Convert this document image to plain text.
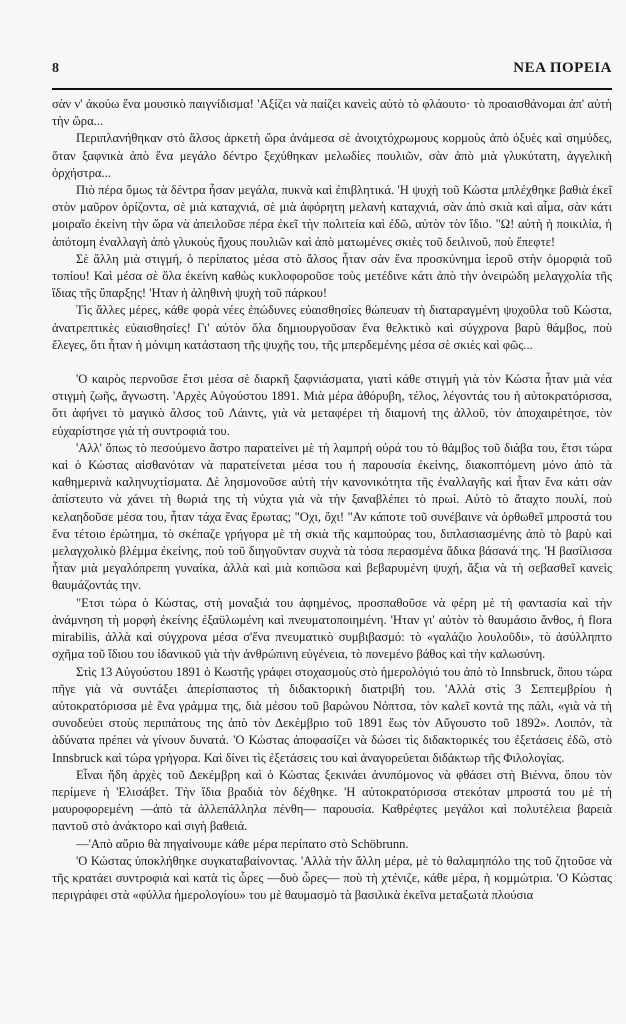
8	ΝΕΑ ΠΟΡΕΙΑ

σὰν ν' ἀκούω ἕνα μουσικὸ παιγνίδισμα! 'Αξίζει νὰ παίζει κανεὶς αὐτὸ τὸ φλάουτο· τὸ προαισθάνομαι ἀπ' αὐτὴ τὴν ὥρα...

Περιπλανήθηκαν στὸ ἄλσος ἀρκετὴ ὥρα ἀνάμεσα σὲ ἀνοιχτόχρωμους κορμοὺς ἀπὸ ὀξυὲς καὶ σημύδες, ὅταν ξαφνικὰ ἀπὸ ἕνα μεγάλο δέντρο ξεχύθηκαν μελωδίες πουλιῶν, σὰν ἀπὸ μιὰ γλυκύτατη, ἀγγελικὴ ὀρχήστρα...

Πιὸ πέρα ὅμως τὰ δέντρα ἦσαν μεγάλα, πυκνὰ καὶ ἐπιβλητικά. 'Η ψυχὴ τοῦ Κώστα μπλέχθηκε βαθιὰ ἐκεῖ στὸν μαῦρον ὁρίζοντα, σὲ μιὰ καταχνιά, σὲ μιὰ ἀφόρητη μελανὴ καταχνιά, σὰν ἀπὸ σκιὰ καὶ αἷμα, σὰν κάτι μοιραῖο ἐκείνη τὴν ὥρα νὰ ἀπειλοῦσε πέρα ἐκεῖ τὴν πολιτεία καὶ ἐδῶ, αὐτὸν τὸν ἴδιο. "Ω! αὐτὴ ἡ ποικιλία, ἡ ἀπότομη ἐναλλαγὴ ἀπὸ γλυκοὺς ἤχους πουλιῶν καὶ ἀπὸ ματωμένες σκιὲς τοῦ δειλινοῦ, ποὺ ἔπεφτε!

Σὲ ἄλλη μιὰ στιγμή, ὁ περίπατος μέσα στὸ ἄλσος ἦταν σὰν ἕνα προσκύνημα ἱεροῦ στὴν ὀμορφιὰ τοῦ τοπίου! Καὶ μέσα σὲ ὅλα ἐκείνη καθὼς κυκλοφοροῦσε τοὺς μετέδινε κάτι ἀπὸ τὴν ὀνειρώδη μελαγχολία τῆς ἴδιας τῆς ὕπαρξης! 'Ηταν ἡ ἀληθινὴ ψυχὴ τοῦ πάρκου!

Τὶς ἄλλες μέρες, κάθε φορὰ νέες ἐπώδυνες εὐαισθησίες θώπευαν τὴ διαταραγμένη ψυχοῦλα τοῦ Κώστα, ἀνατρεπτικὲς εὐαισθησίες! Γι' αὐτὸν ὅλα δημιουργοῦσαν ἕνα θελκτικὸ καὶ σύγχρονα βαρὺ θάμβος, ποὺ ἔλεγες, ὅτι ἦταν ἡ μόνιμη κατάσταση τῆς ψυχῆς του, τῆς μπερδεμένης μέσα σὲ σκιὲς καὶ φῶς...

'Ο καιρὸς περνοῦσε ἔτσι μέσα σὲ διαρκῆ ξαφνιάσματα, γιατὶ κάθε στιγμὴ γιὰ τὸν Κώστα ἦταν μιὰ νέα στιγμὴ ζωῆς, ἄγνωστη. 'Αρχὲς Αὐγούστου 1891. Μιὰ μέρα ἀθόρυβη, τέλος, λέγοντάς του ἡ αὐτοκρατόρισσα, ὅτι ἀφήνει τὸ μαγικὸ ἄλσος τοῦ Λάιντς, γιὰ νὰ μεταφέρει τὴ διαμονή της ἀλλοῦ, τὸν ἀποχαιρέτησε, τὸν εὐχαρίστησε γιὰ τὴ συντροφιά του.

'Αλλ' ὅπως τὸ πεσούμενο ἄστρο παρατείνει μὲ τὴ λαμπρὴ οὐρά του τὸ θάμβος τοῦ διάβα του, ἔτσι τώρα καὶ ὁ Κώστας αἰσθανόταν νὰ παρατείνεται μέσα του ἡ παρουσία ἐκείνης, διακοπτόμενη μόνο ἀπὸ τὰ καθημερινὰ καληνυχτίσματα. Δὲ λησμονοῦσε αὐτὴ τὴν κανονικότητα τῆς ἐναλλαγῆς καὶ ἦταν ἕνα κάτι σὰν ἀπίστευτο νὰ χάνει τὴ θωριά της τὴ νύχτα γιὰ νὰ τὴν ξαναβλέπει τὸ πρωί. Αὐτὸ τὸ ἄταχτο πουλί, ποὺ κελαηδοῦσε μέσα του, ἦταν τάχα ἕνας ἔρωτας; "Οχι, ὄχι! "Αν κάποτε τοῦ συνέβαινε νὰ ὀρθωθεῖ μπροστά του ἕνα τέτοιο ἐρώτημα, τὸ σκέπαζε γρήγορα μὲ τὴ σκιὰ τῆς καμπούρας του, διπλασιασμένης ἀπὸ τὸ βαρὺ καὶ μελαγχολικὸ βλέμμα ἐκείνης, ποὺ τοῦ διηγοῦνταν συχνὰ τὰ τόσα περασμένα ἄδικα βάσανά της. 'Η βασίλισσα ἦταν μιὰ μεγαλόπρεπη γυναίκα, ἀλλὰ καὶ μιὰ κοπιῶσα καὶ βεβαρυμένη ψυχή, ἄξια νὰ τὴ σεβασθεῖ κανεὶς θαυμάζοντάς την.

"Ετσι τώρα ὁ Κώστας, στὴ μοναξιά του ἀφημένος, προσπαθοῦσε νὰ φέρη μὲ τὴ φαντασία καὶ τὴν ἀνάμνηση τὴ μορφὴ ἐκείνης ἐξαϋλωμένη καὶ πνευματοποιημένη. 'Ηταν γι' αὐτὸν τὸ θαυμάσιο ἄνθος, ἡ flora mirabilis, ἀλλὰ καὶ σύγχρονα μέσα σ'ἕνα πνευματικὸ συμβιβασμό: τὸ «γαλάζιο λουλοῦδι», τὸ ἀσύλληπτο σχῆμα τοῦ ἴδιου του ἰδανικοῦ γιὰ τὴν ἀνθρώπινη εὐγένεια, τὸ πονεμένο βάθος καὶ τὴν καλωσύνη.

Στὶς 13 Αὐγούστου 1891 ὁ Κωστῆς γράφει στοχασμοὺς στὸ ἡμερολόγιό του ἀπὸ τὸ Innsbruck, ὅπου τώρα πῆγε γιὰ νὰ συντάξει ἀπερίσπαστος τὴ διδακτορικὴ διατριβή του. 'Αλλὰ στὶς 3 Σεπτεμβρίου ἡ αὐτοκρατόρισσα μὲ ἕνα γράμμα της, διὰ μέσου τοῦ βαρώνου Νόπτσα, τὸν καλεῖ κοντά της πάλι, «γιὰ νὰ τὴ συνοδεύει στοὺς περιπάτους της ἀπὸ τὸν Δεκέμβριο τοῦ 1891 ἕως τὸν Αὔγουστο τοῦ 1892». Λοιπόν, τὰ ἀδύνατα πρέπει νὰ γίνουν δυνατά. 'Ο Κώστας ἀποφασίζει νὰ δώσει τὶς διδακτορικές του ἐξετάσεις ἐδῶ, στὸ Innsbruck καὶ τώρα γρήγορα. Καὶ δίνει τὶς ἐξετάσεις του καὶ ἀναγορεύεται διδάκτωρ τῆς Φιλολογίας.

Εἶναι ἤδη ἀρχὲς τοῦ Δεκέμβρη καὶ ὁ Κώστας ξεκινάει ἀνυπόμονος νὰ φθάσει στὴ Βιέννα, ὅπου τὸν περίμενε ἡ 'Ελισάβετ. Τὴν ἴδια βραδιὰ τὸν δέχθηκε. 'Η αὐτοκρατόρισσα στεκόταν μπροστά του μὲ τὴ μαυροφορεμένη —ἀπὸ τὰ ἀλλεπάλληλα πένθη— παρουσία. Καθρέφτες μεγάλοι καὶ πολυτέλεια βαρειὰ παντοῦ στὸ ἀνάκτορο καὶ σιγὴ βαθειά.

—'Απὸ αὔριο θὰ πηγαίνουμε κάθε μέρα περίπατο στὸ Schöbrunn.

'Ο Κώστας ὑποκλήθηκε συγκαταβαίνοντας. 'Αλλὰ τὴν ἄλλη μέρα, μὲ τὸ θαλαμηπόλο της τοῦ ζητοῦσε νὰ τῆς κρατάει συντροφιὰ καὶ κατὰ τὶς ὧρες —δυὸ ὧρες— ποὺ τὴ χτένιζε, κάθε μέρα, ἡ κομμώτρια. 'Ο Κώστας περιγράφει στὰ «φύλλα ἡμερολογίου» του μὲ θαυμασμὸ τὰ βασιλικὰ ἐκεῖνα μεταξωτὰ πλούσια
